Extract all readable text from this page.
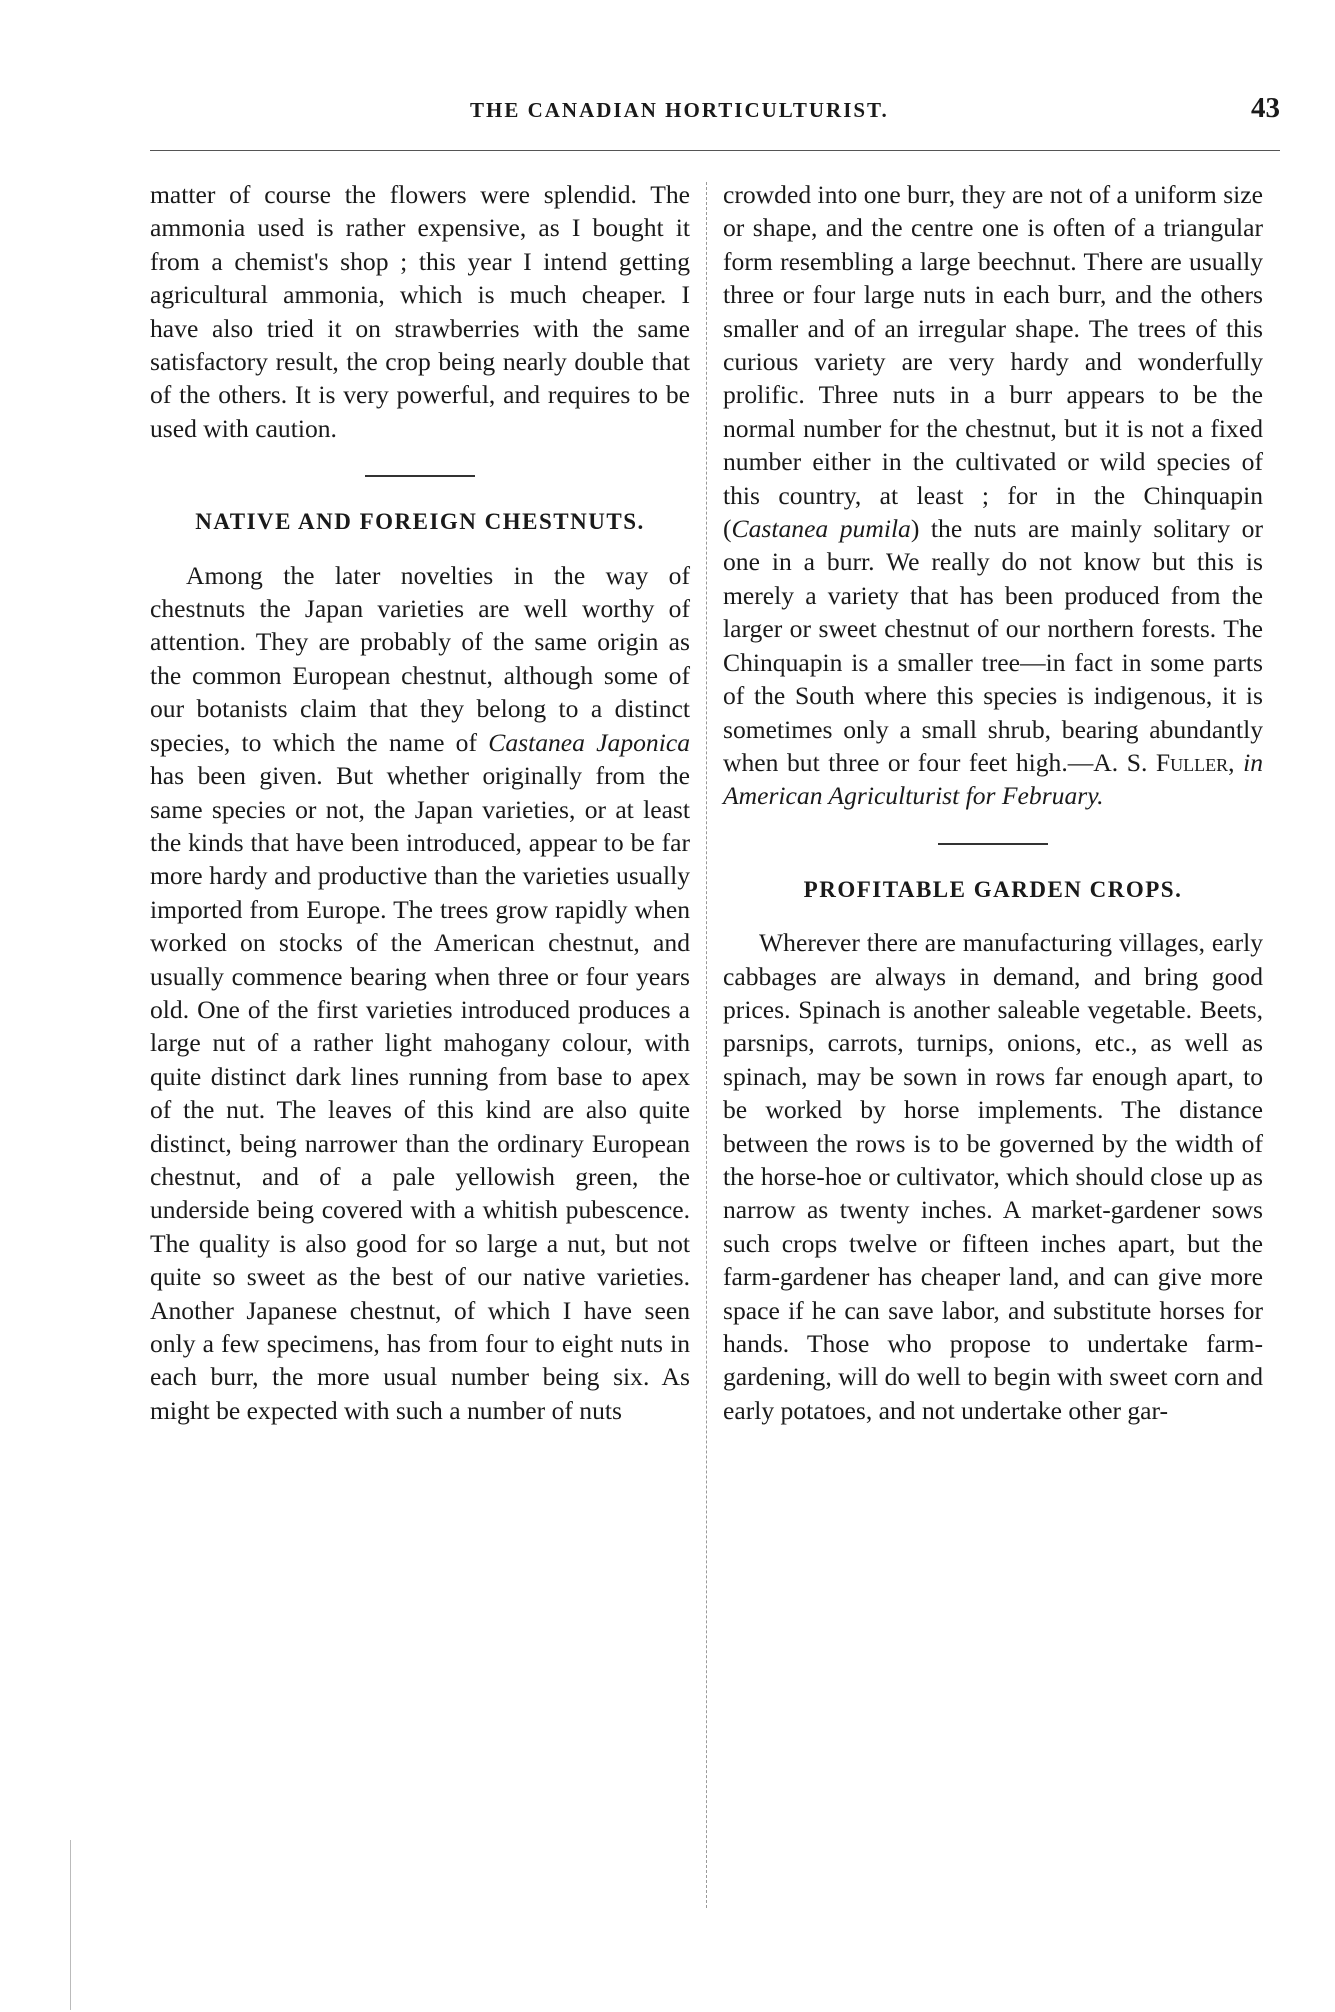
THE CANADIAN HORTICULTURIST.	43

matter of course the flowers were splendid. The ammonia used is rather expensive, as I bought it from a chemist's shop ; this year I intend getting agricultural ammonia, which is much cheaper. I have also tried it on strawberries with the same satisfactory result, the crop being nearly double that of the others. It is very powerful, and requires to be used with caution.

NATIVE AND FOREIGN CHESTNUTS.

Among the later novelties in the way of chestnuts the Japan varieties are well worthy of attention. They are probably of the same origin as the common European chestnut, although some of our botanists claim that they belong to a distinct species, to which the name of Castanea Japonica has been given. But whether originally from the same species or not, the Japan varieties, or at least the kinds that have been introduced, appear to be far more hardy and productive than the varieties usually imported from Europe. The trees grow rapidly when worked on stocks of the American chestnut, and usually commence bearing when three or four years old. One of the first varieties introduced produces a large nut of a rather light mahogany colour, with quite distinct dark lines running from base to apex of the nut. The leaves of this kind are also quite distinct, being narrower than the ordinary European chestnut, and of a pale yellowish green, the underside being covered with a whitish pubescence. The quality is also good for so large a nut, but not quite so sweet as the best of our native varieties. Another Japanese chestnut, of which I have seen only a few specimens, has from four to eight nuts in each burr, the more usual number being six. As might be expected with such a number of nuts

crowded into one burr, they are not of a uniform size or shape, and the centre one is often of a triangular form resembling a large beechnut. There are usually three or four large nuts in each burr, and the others smaller and of an irregular shape. The trees of this curious variety are very hardy and wonderfully prolific. Three nuts in a burr appears to be the normal number for the chestnut, but it is not a fixed number either in the cultivated or wild species of this country, at least ; for in the Chinquapin (Castanea pumila) the nuts are mainly solitary or one in a burr. We really do not know but this is merely a variety that has been produced from the larger or sweet chestnut of our northern forests. The Chinquapin is a smaller tree—in fact in some parts of the South where this species is indigenous, it is sometimes only a small shrub, bearing abundantly when but three or four feet high.—A. S. Fuller, in American Agriculturist for February.

PROFITABLE GARDEN CROPS.

Wherever there are manufacturing villages, early cabbages are always in demand, and bring good prices. Spinach is another saleable vegetable. Beets, parsnips, carrots, turnips, onions, etc., as well as spinach, may be sown in rows far enough apart, to be worked by horse implements. The distance between the rows is to be governed by the width of the horse-hoe or cultivator, which should close up as narrow as twenty inches. A market-gardener sows such crops twelve or fifteen inches apart, but the farm-gardener has cheaper land, and can give more space if he can save labor, and substitute horses for hands. Those who propose to undertake farm-gardening, will do well to begin with sweet corn and early potatoes, and not undertake other gar-
